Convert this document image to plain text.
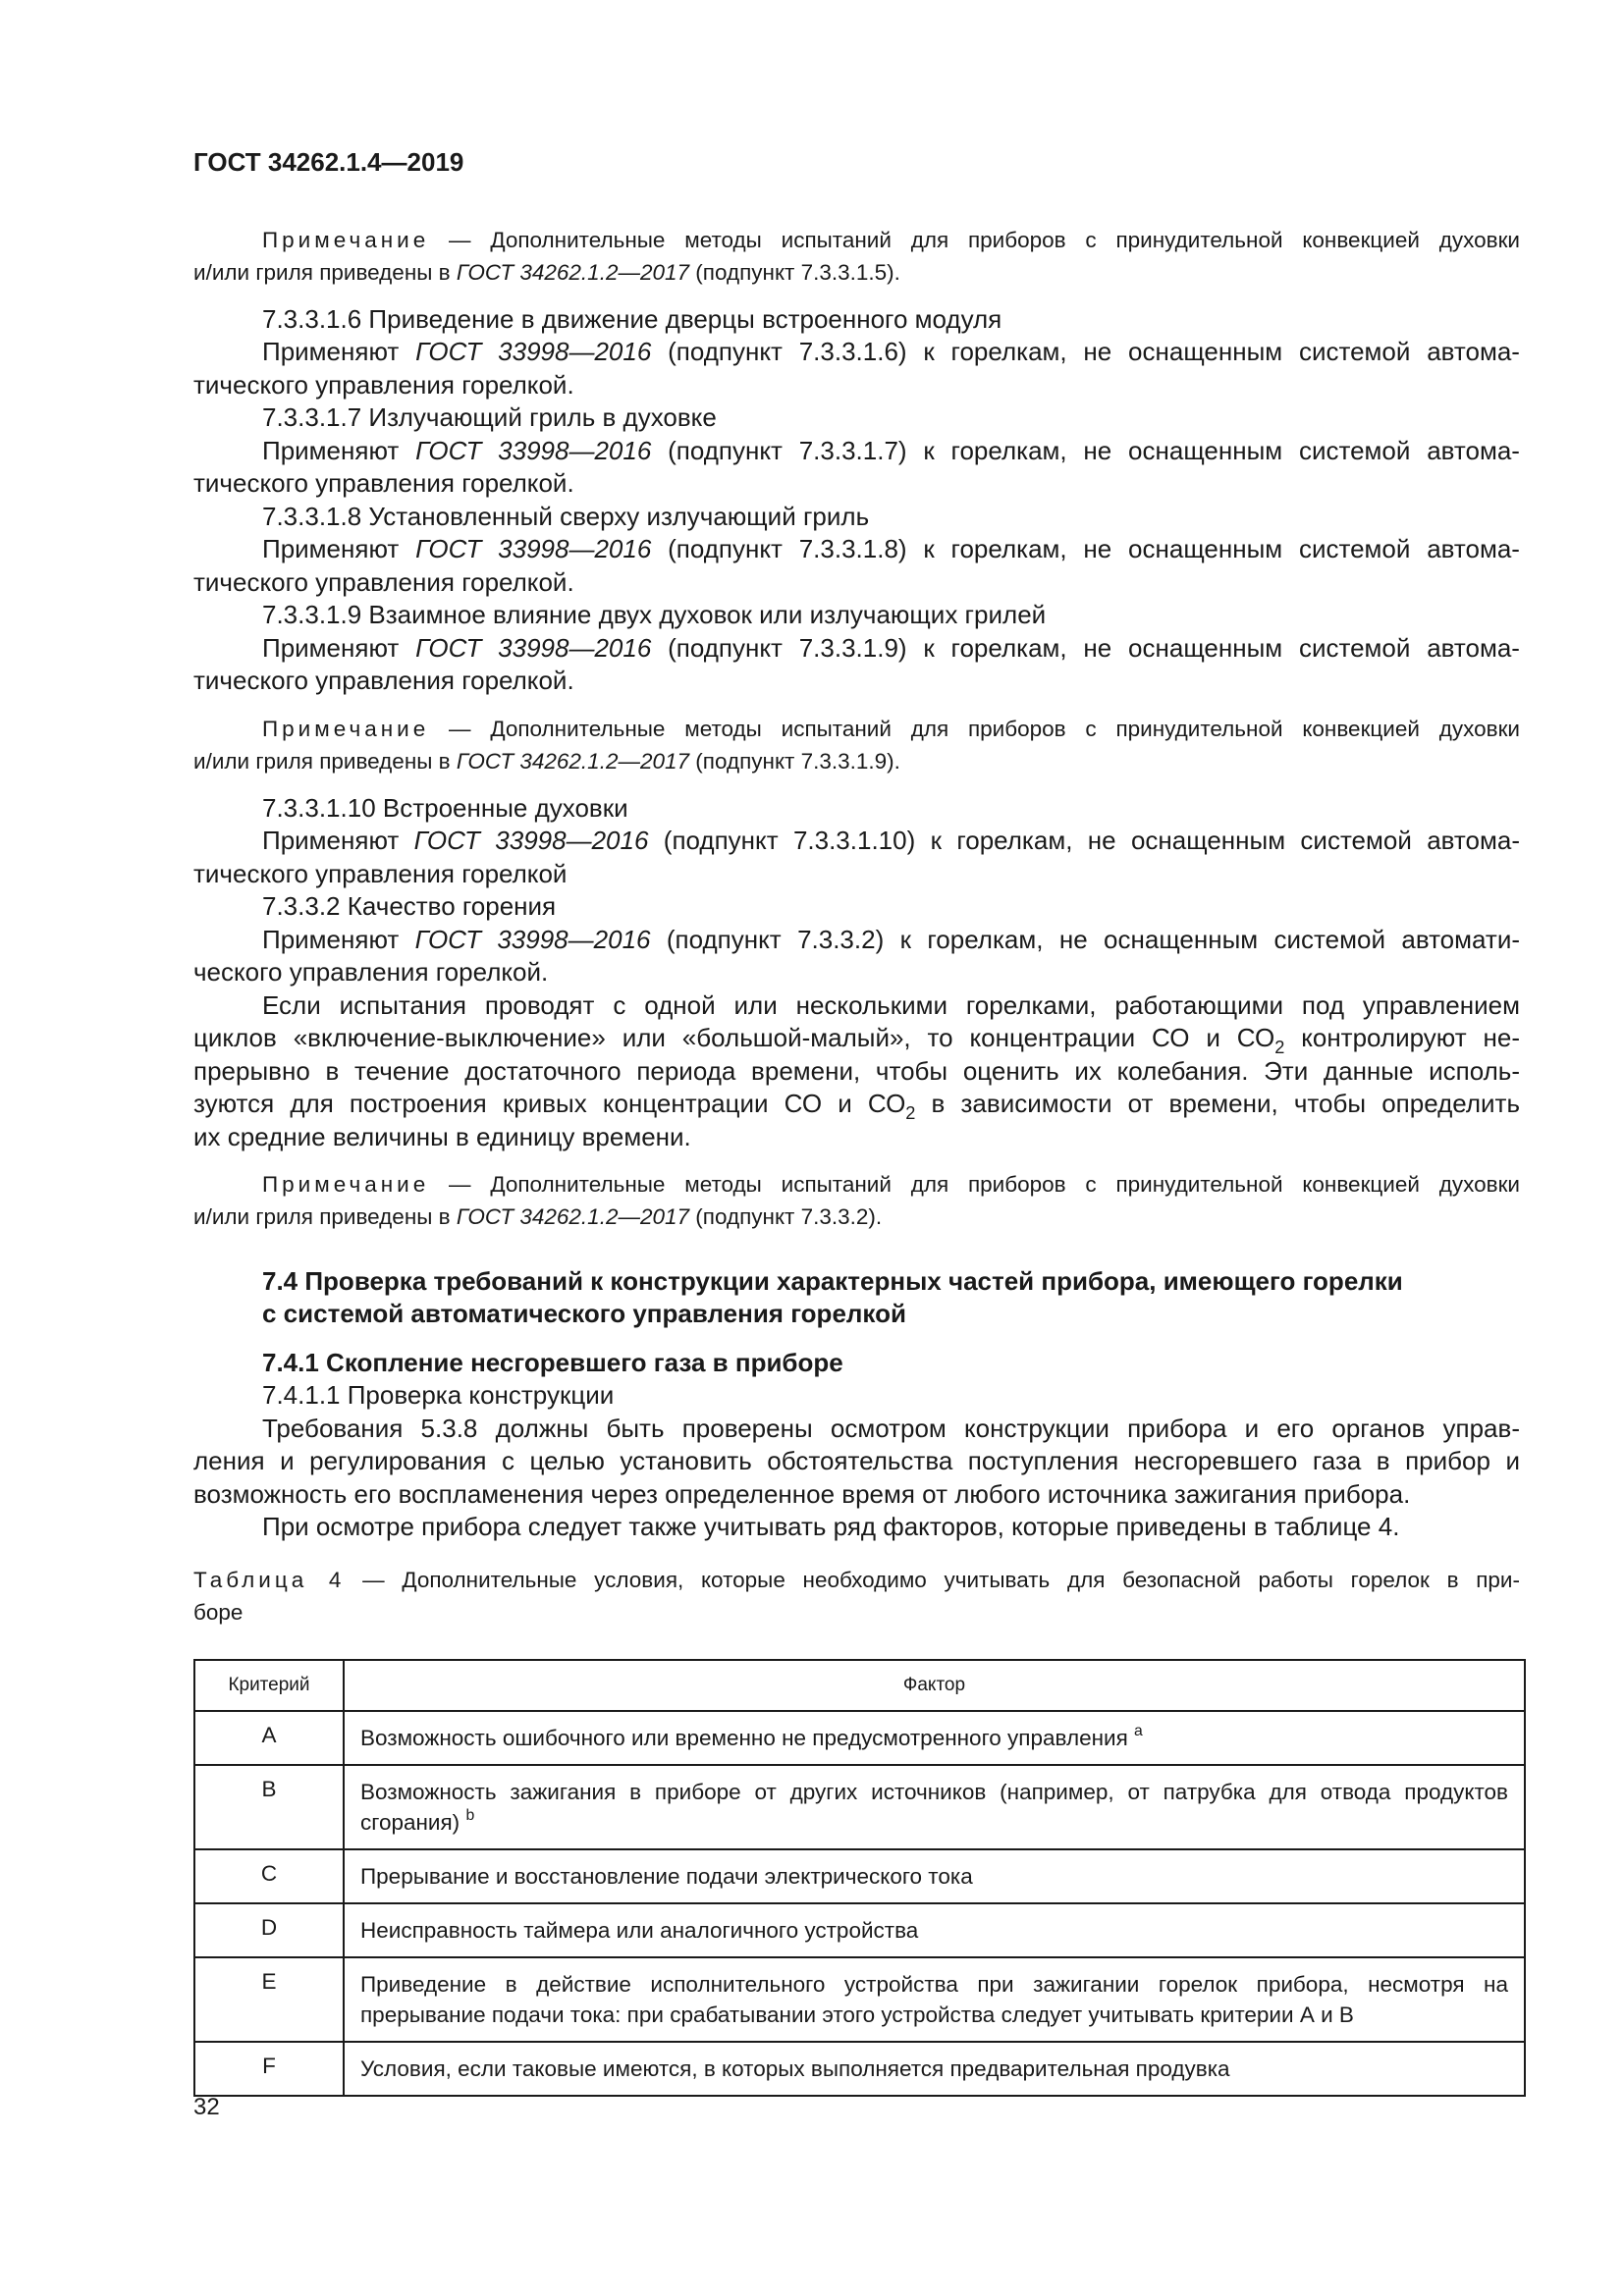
ГОСТ 34262.1.4—2019
Примечание — Дополнительные методы испытаний для приборов с принудительной конвекцией духовки
и/или гриля приведены в ГОСТ 34262.1.2—2017 (подпункт 7.3.3.1.5).
7.3.3.1.6 Приведение в движение дверцы встроенного модуля
Применяют ГОСТ 33998—2016 (подпункт 7.3.3.1.6) к горелкам, не оснащенным системой автома-
тического управления горелкой.
7.3.3.1.7 Излучающий гриль в духовке
Применяют ГОСТ 33998—2016 (подпункт 7.3.3.1.7) к горелкам, не оснащенным системой автома-
тического управления горелкой.
7.3.3.1.8 Установленный сверху излучающий гриль
Применяют ГОСТ 33998—2016 (подпункт 7.3.3.1.8) к горелкам, не оснащенным системой автома-
тического управления горелкой.
7.3.3.1.9 Взаимное влияние двух духовок или излучающих грилей
Применяют ГОСТ 33998—2016 (подпункт 7.3.3.1.9) к горелкам, не оснащенным системой автома-
тического управления горелкой.
Примечание — Дополнительные методы испытаний для приборов с принудительной конвекцией духовки
и/или гриля приведены в ГОСТ 34262.1.2—2017 (подпункт 7.3.3.1.9).
7.3.3.1.10 Встроенные духовки
Применяют ГОСТ 33998—2016 (подпункт 7.3.3.1.10) к горелкам, не оснащенным системой автома-
тического управления горелкой
7.3.3.2 Качество горения
Применяют ГОСТ 33998—2016 (подпункт 7.3.3.2) к горелкам, не оснащенным системой автомати-
ческого управления горелкой.
Если испытания проводят с одной или несколькими горелками, работающими под управлением
циклов «включение-выключение» или «большой-малый», то концентрации СО и $СО_2$ контролируют не-
прерывно в течение достаточного периода времени, чтобы оценить их колебания. Эти данные исполь-
зуются для построения кривых концентрации СО и $СО_2$ в зависимости от времени, чтобы определить
их средние величины в единицу времени.
Примечание — Дополнительные методы испытаний для приборов с принудительной конвекцией духовки
и/или гриля приведены в ГОСТ 34262.1.2—2017 (подпункт 7.3.3.2).
7.4 Проверка требований к конструкции характерных частей прибора, имеющего горелки
с системой автоматического управления горелкой
7.4.1 Скопление несгоревшего газа в приборе
7.4.1.1 Проверка конструкции
Требования 5.3.8 должны быть проверены осмотром конструкции прибора и его органов управ-
ления и регулирования с целью установить обстоятельства поступления несгоревшего газа в прибор и
возможность его воспламенения через определенное время от любого источника зажигания прибора.
При осмотре прибора следует также учитывать ряд факторов, которые приведены в таблице 4.
Таблица 4 — Дополнительные условия, которые необходимо учитывать для безопасной работы горелок в при-
боре
Критерий	Фактор
A	Возможность ошибочного или временно не предусмотренного управления $^a$
B	Возможность зажигания в приборе от других источников (например, от патрубка для отвода продуктов сгорания) $^b$
C	Прерывание и восстановление подачи электрического тока
D	Неисправность таймера или аналогичного устройства
E	Приведение в действие исполнительного устройства при зажигании горелок прибора, несмотря на прерывание подачи тока: при срабатывании этого устройства следует учитывать критерии А и В
F	Условия, если таковые имеются, в которых выполняется предварительная продувка
32
